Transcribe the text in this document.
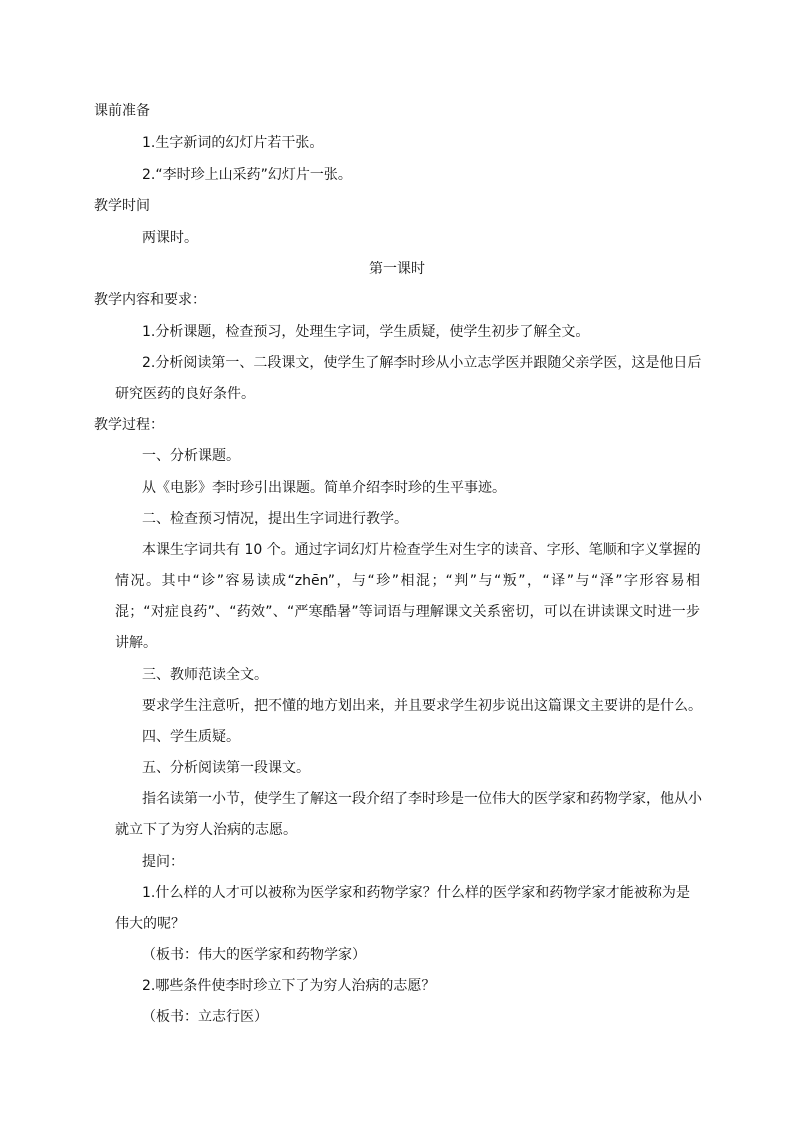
课前准备

1.生字新词的幻灯片若干张。

2.“李时珍上山采药”幻灯片一张。

教学时间

两课时。

第一课时

教学内容和要求：

1.分析课题，检查预习，处理生字词，学生质疑，使学生初步了解全文。

2.分析阅读第一、二段课文，使学生了解李时珍从小立志学医并跟随父亲学医，这是他日后

研究医药的良好条件。

教学过程：

一、分析课题。

从《电影》李时珍引出课题。简单介绍李时珍的生平事迹。

二、检查预习情况，提出生字词进行教学。

本课生字词共有 10 个。通过字词幻灯片检查学生对生字的读音、字形、笔顺和字义掌握的

情况。其中“诊”容易读成“zhēn”，与“珍”相混；“判”与“叛”，“译”与“泽”字形容易相

混；“对症良药”、“药效”、“严寒酷暑”等词语与理解课文关系密切，可以在讲读课文时进一步

讲解。

三、教师范读全文。

要求学生注意听，把不懂的地方划出来，并且要求学生初步说出这篇课文主要讲的是什么。

四、学生质疑。

五、分析阅读第一段课文。

指名读第一小节，使学生了解这一段介绍了李时珍是一位伟大的医学家和药物学家，他从小

就立下了为穷人治病的志愿。

提问：

1.什么样的人才可以被称为医学家和药物学家？什么样的医学家和药物学家才能被称为是

伟大的呢？

（板书：伟大的医学家和药物学家）

2.哪些条件使李时珍立下了为穷人治病的志愿？

（板书：立志行医）
